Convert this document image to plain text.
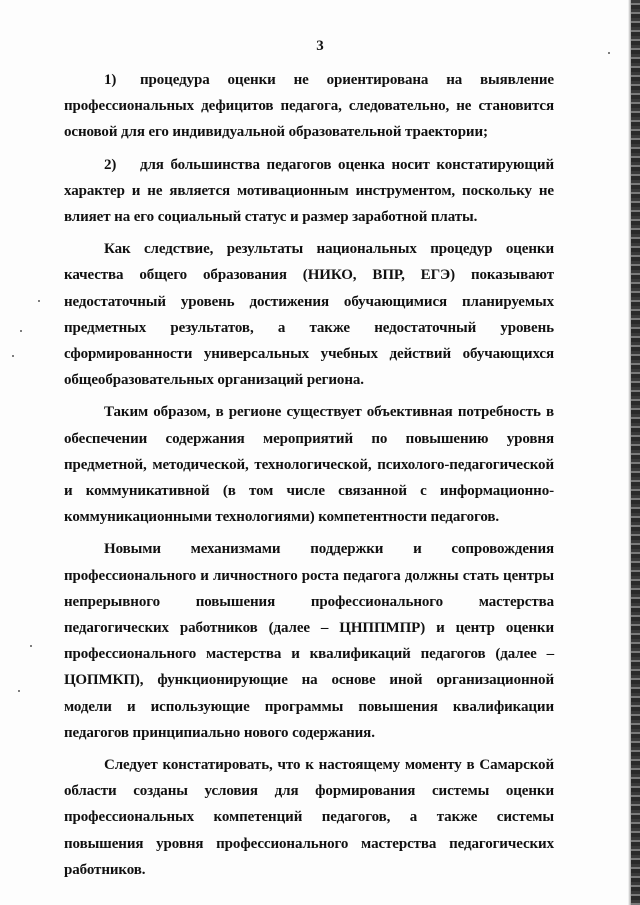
3

1) процедура оценки не ориентирована на выявление профессиональных дефицитов педагога, следовательно, не становится основой для его индивидуальной образовательной траектории;

2) для большинства педагогов оценка носит констатирующий характер и не является мотивационным инструментом, поскольку не влияет на его социальный статус и размер заработной платы.

Как следствие, результаты национальных процедур оценки качества общего образования (НИКО, ВПР, ЕГЭ) показывают недостаточный уровень достижения обучающимися планируемых предметных результатов, а также недостаточный уровень сформированности универсальных учебных действий обучающихся общеобразовательных организаций региона.

Таким образом, в регионе существует объективная потребность в обеспечении содержания мероприятий по повышению уровня предметной, методической, технологической, психолого-педагогической и коммуникативной (в том числе связанной с информационно-коммуникационными технологиями) компетентности педагогов.

Новыми механизмами поддержки и сопровождения профессионального и личностного роста педагога должны стать центры непрерывного повышения профессионального мастерства педагогических работников (далее – ЦНППМПР) и центр оценки профессионального мастерства и квалификаций педагогов (далее – ЦОПМКП), функционирующие на основе иной организационной модели и использующие программы повышения квалификации педагогов принципиально нового содержания.

Следует констатировать, что к настоящему моменту в Самарской области созданы условия для формирования системы оценки профессиональных компетенций педагогов, а также системы повышения уровня профессионального мастерства педагогических работников.
